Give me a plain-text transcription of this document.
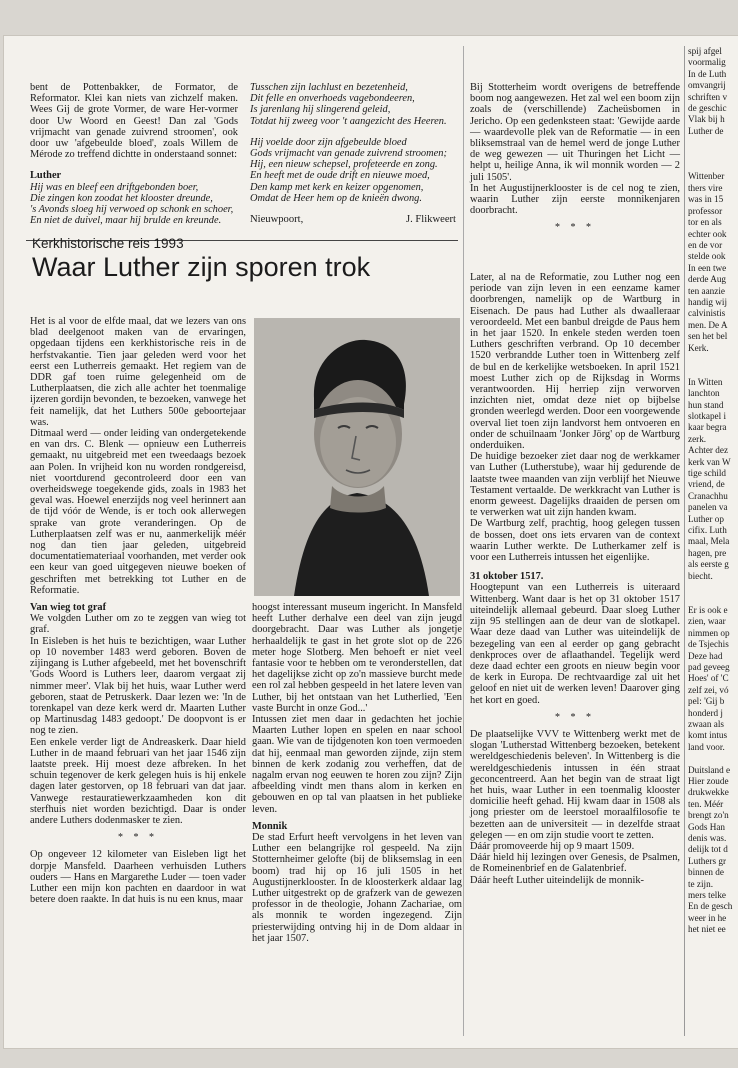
bent de Pottenbakker, de Formator, de Reformator. Klei kan niets van zichzelf maken. Wees Gij de grote Vormer, de ware Her-vormer door Uw Woord en Geest! Dan zal 'Gods vrijmacht van genade zuivrend stroomen', ook door uw 'afgebeulde bloed', zoals Willem de Mérode zo treffend dichtte in onderstaand sonnet:

Luther
Hij was en bleef een driftgebonden boer,
Die zingen kon zoodat het klooster dreunde,
's Avonds sloeg hij verwoed op schonk en schoer,
En niet de duivel, maar hij brulde en kreunde.
Tusschen zijn lachlust en bezetenheid,
Dit felle en onverhoeds vagebondeeren,
Is jarenlang hij slingerend geleid,
Totdat hij zweeg voor 't aangezicht des Heeren.
Hij voelde door zijn afgebeulde bloed
Gods vrijmacht van genade zuivrend stroomen;
Hij, een nieuw schepsel, profeteerde en zong.
En heeft met de oude drift en nieuwe moed,
Den kamp met kerk en keizer opgenomen,
Omdat de Heer hem op de knieën dwong.
Nieuwpoort,	J. Flikweert

Bij Stotterheim wordt overigens de betreffende boom nog aangewezen. Het zal wel een boom zijn zoals de (verschillende) Zacheüsbomen in Jericho. Op een gedenksteen staat: 'Gewijde aarde — waardevolle plek van de Reformatie — in een bliksemstraal van de hemel werd de jonge Luther de weg gewezen — uit Thuringen het Licht — helpt u, heilige Anna, ik wil monnik worden — 2 juli 1505'.

In het Augustijnerklooster is de cel nog te zien, waarin Luther zijn eerste monnikenjaren doorbracht.

* * *
Kerkhistorische reis 1993
Waar Luther zijn sporen trok

Het is al voor de elfde maal, dat we lezers van ons blad deelgenoot maken van de ervaringen, opgedaan tijdens een kerkhistorische reis in de herfstvakantie. Tien jaar geleden werd voor het eerst een Lutherreis gemaakt. Het regiem van de DDR gaf toen ruime gelegenheid om de Lutherplaatsen, die zich alle achter het toenmalige ijzeren gordijn bevonden, te bezoeken, vanwege het feit namelijk, dat het Luthers 500e geboortejaar was.

Ditmaal werd — onder leiding van ondergetekende en van drs. C. Blenk — opnieuw een Lutherreis gemaakt, nu uitgebreid met een tweedaags bezoek aan Polen. In vrijheid kon nu worden rondgereisd, niet voortdurend gecontroleerd door een van overheidswege toegekende gids, zoals in 1983 het geval was. Hoewel enerzijds nog veel herinnert aan de tijd vóór de Wende, is er toch ook allerwegen sprake van grote veranderingen. Op de Lutherplaatsen zelf was er nu, aanmerkelijk méér nog dan tien jaar geleden, uitgebreid documentatiemateriaal voorhanden, met verder ook een keur van goed uitgegeven nieuwe boeken of geschriften met betrekking tot Luther en de Reformatie.

Van wieg tot graf

We volgden Luther om zo te zeggen van wieg tot graf.

In Eisleben is het huis te bezichtigen, waar Luther op 10 november 1483 werd geboren. Boven de zijingang is Luther afgebeeld, met het bovenschrift 'Gods Woord is Luthers leer, daarom vergaat zij nimmer meer'. Vlak bij het huis, waar Luther werd geboren, staat de Petruskerk. Daar lezen we: 'In de torenkapel van deze kerk werd dr. Maarten Luther op Martinusdag 1483 gedoopt.' De doopvont is er nog te zien.

Een enkele verder ligt de Andreaskerk. Daar hield Luther in de maand februari van het jaar 1546 zijn laatste preek. Hij moest deze afbreken. In het schuin tegenover de kerk gelegen huis is hij enkele dagen later gestorven, op 18 februari van dat jaar. Vanwege restauratiewerkzaamheden kon dit sterfhuis niet worden bezichtigd. Daar is onder andere Luthers dodenmasker te zien.

* * *

Op ongeveer 12 kilometer van Eisleben ligt het dorpje Mansfeld. Daarheen verhuisden Luthers ouders — Hans en Margarethe Luder — toen vader Luther een mijn kon pachten en daardoor in wat betere doen raakte. In dat huis is nu een knus, maar

hoogst interessant museum ingericht. In Mansfeld heeft Luther derhalve een deel van zijn jeugd doorgebracht. Daar was Luther als jongetje herhaaldelijk te gast in het grote slot op de 226 meter hoge Slotberg. Men behoeft er niet veel fantasie voor te hebben om te veronderstellen, dat het dagelijkse zicht op zo'n massieve burcht mede een rol zal hebben gespeeld in het latere leven van Luther, bij het ontstaan van het Lutherlied, 'Een vaste Burcht in onze God...'

Intussen ziet men daar in gedachten het jochie Maarten Luther lopen en spelen en naar school gaan. Wie van de tijdgenoten kon toen vermoeden dat hij, eenmaal man geworden zijnde, zijn stem binnen de kerk zodanig zou verheffen, dat de nagalm ervan nog eeuwen te horen zou zijn? Zijn afbeelding vindt men thans alom in kerken en gebouwen en op tal van plaatsen in het publieke leven.

Monnik

De stad Erfurt heeft vervolgens in het leven van Luther een belangrijke rol gespeeld. Na zijn Stotternheimer gelofte (bij de bliksemslag in een boom) trad hij op 16 juli 1505 in het Augustijnerklooster. In de kloosterkerk aldaar lag Luther uitgestrekt op de grafzerk van de gewezen professor in de theologie, Johann Zachariae, om als monnik te worden ingezegend. Zijn priesterwijding ontving hij in de Dom aldaar in het jaar 1507.

Later, al na de Reformatie, zou Luther nog een periode van zijn leven in een eenzame kamer doorbrengen, namelijk op de Wartburg in Eisenach. De paus had Luther als dwaalleraar veroordeeld. Met een banbul dreigde de Paus hem in het jaar 1520. In enkele steden werden toen Luthers geschriften verbrand. Op 10 december 1520 verbrandde Luther toen in Wittenberg zelf de bul en de kerkelijke wetsboeken. In april 1521 moest Luther zich op de Rijksdag in Worms verantwoorden. Hij herriep zijn verworven inzichten niet, omdat deze niet op bijbelse gronden weerlegd werden. Door een voorgewende overval liet toen zijn landvorst hem ontvoeren en onder de schuilnaam 'Jonker Jörg' op de Wartburg onderduiken.

De huidige bezoeker ziet daar nog de werkkamer van Luther (Lutherstube), waar hij gedurende de laatste twee maanden van zijn verblijf het Nieuwe Testament vertaalde. De werkkracht van Luther is enorm geweest. Dagelijks draaiden de persen om te verwerken wat uit zijn handen kwam.

De Wartburg zelf, prachtig, hoog gelegen tussen de bossen, doet ons iets ervaren van de context waarin Luther werkte. De Lutherkamer zelf is voor een Lutherreis intussen het eigenlijke.

31 oktober 1517.

Hoogtepunt van een Lutherreis is uiteraard Wittenberg. Want daar is het op 31 oktober 1517 uiteindelijk allemaal gebeurd. Daar sloeg Luther zijn 95 stellingen aan de deur van de slotkapel. Waar deze daad van Luther was uiteindelijk de bezegeling van een al eerder op gang gebracht denkproces over de aflaathandel. Tegelijk werd deze daad echter een groots en nieuw begin voor de kerk in Europa. De rechtvaardige zal uit het geloof en niet uit de werken leven! Daarover ging het kort en goed.

* * *

De plaatselijke VVV te Wittenberg werkt met de slogan 'Lutherstad Wittenberg bezoeken, betekent wereldgeschiedenis beleven'. In Wittenberg is die wereldgeschiedenis intussen in één straat geconcentreerd. Aan het begin van de straat ligt het huis, waar Luther in een toenmalig klooster domicilie heeft gehad. Hij kwam daar in 1508 als jong priester om de leerstoel moraalfilosofie te bezetten aan de universiteit — in dezelfde straat gelegen — en om zijn studie voort te zetten.

Dáár promoveerde hij op 9 maart 1509.

Dáár hield hij lezingen over Genesis, de Psalmen, de Romeinenbrief en de Galatenbrief.

Dáár heeft Luther uiteindelijk de monnik-

spij afgel
voormalig
In de Luth
omvangrij
schriften v
de geschic
Vlak bij h
Luther de

Wittenber
thers vire
was in 15
professor
tor en als
echter ook
en de vor
stelde ook
In een twe
derde Aug
ten aanzie
handig wij
calvinistis
men. De A
sen het bel
Kerk.

In Witten
lanchton
hun stand
slotkapel i
kaar begra
zerk.
Achter dez
kerk van W
tige schild
vriend, de
Cranachhu
panelen va
Luther op
cifix. Luth
maal, Mela
hagen, pre
als eerste g
biecht.

Er is ook e
zien, waar
nimmen op
de Tsjechis
Deze had
pad geveeg
Hoes' of 'C
zelf zei, vó
pel: 'Gij b
honderd j
zwaan als
komt intus
land voor.

Duitsland e
Hier zoude
drukwekke
ten. Méér
brengt zo'n
Gods Han
denis was.
delijk tot d
Luthers gr
binnen de
te zijn.
mers telke
En de gesch
weer in he
het niet ee
